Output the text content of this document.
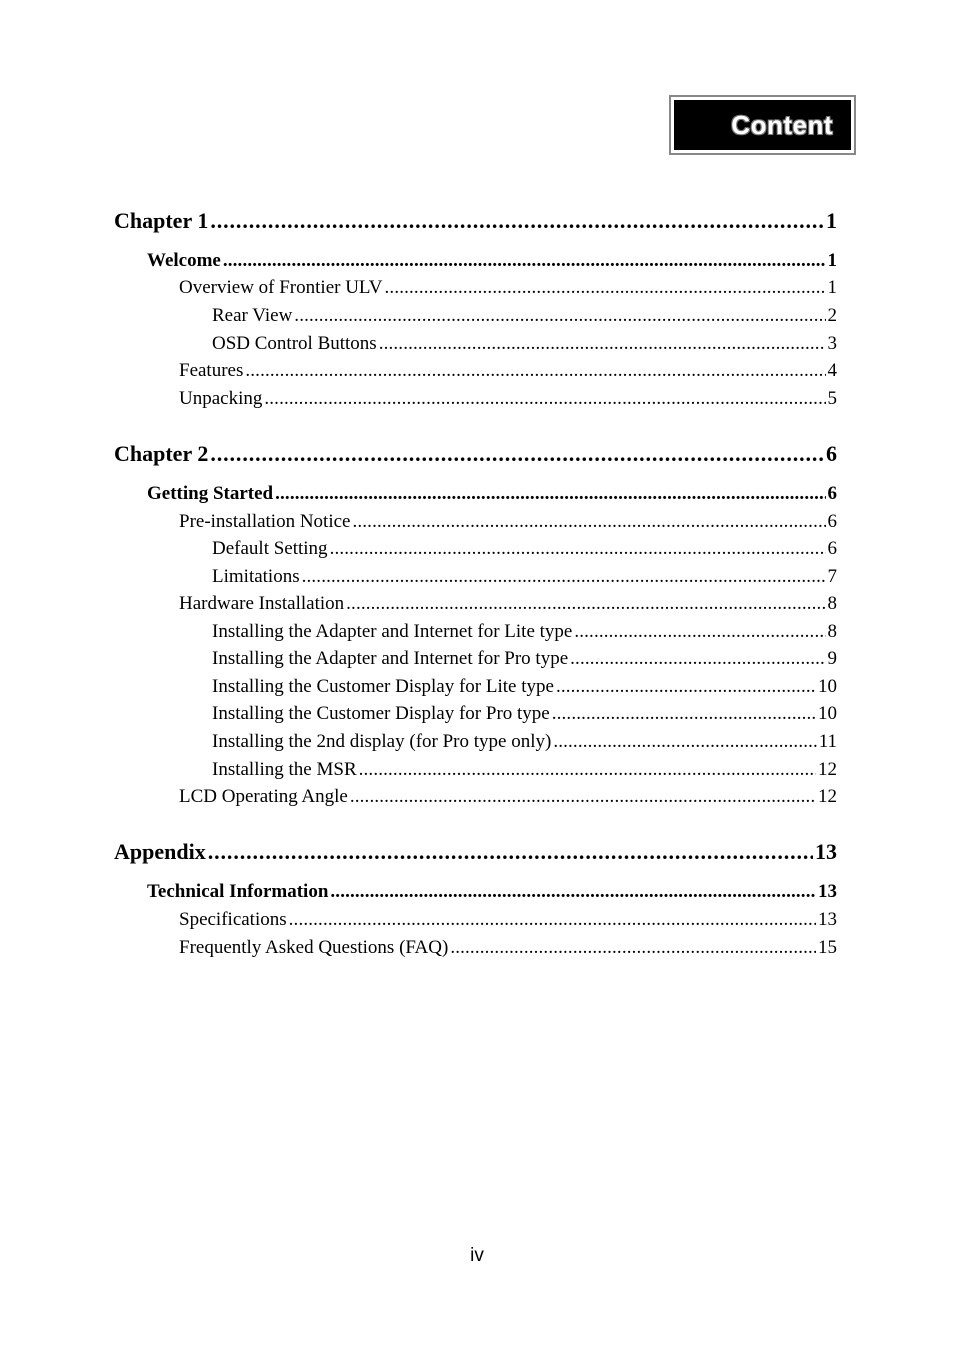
Content
Chapter 1 . . .	1
Welcome . . .	1
Overview of Frontier ULV . . .	1
Rear View . . .	2
OSD Control Buttons . . .	3
Features . . .	4
Unpacking . . .	5
Chapter 2 . . .	6
Getting Started . . .	6
Pre-installation Notice . . .	6
Default Setting . . .	6
Limitations . . .	7
Hardware Installation . . .	8
Installing the Adapter and Internet for Lite type . . .	8
Installing the Adapter and Internet for Pro type . . .	9
Installing the Customer Display for Lite type . . .	10
Installing the Customer Display for Pro type . . .	10
Installing the 2nd display (for Pro type only) . . .	11
Installing the MSR . . .	12
LCD Operating Angle . . .	12
Appendix . . .	13
Technical Information . . .	13
Specifications . . .	13
Frequently Asked Questions (FAQ) . . .	15
iv
